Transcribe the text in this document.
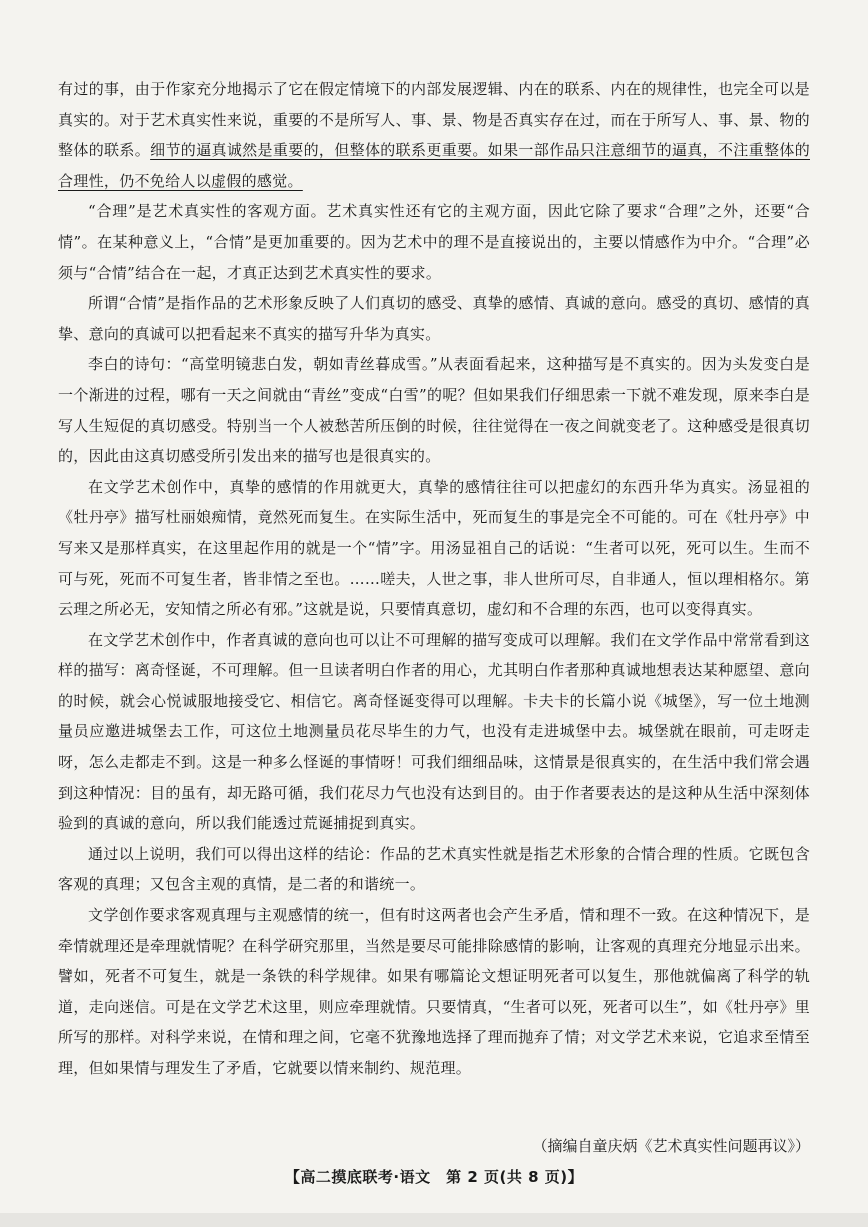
有过的事，由于作家充分地揭示了它在假定情境下的内部发展逻辑、内在的联系、内在的规律性，也完全可以是真实的。对于艺术真实性来说，重要的不是所写人、事、景、物是否真实存在过，而在于所写人、事、景、物的整体的联系。细节的逼真诚然是重要的，但整体的联系更重要。如果一部作品只注意细节的逼真，不注重整体的合理性，仍不免给人以虚假的感觉。

“合理”是艺术真实性的客观方面。艺术真实性还有它的主观方面，因此它除了要求“合理”之外，还要“合情”。在某种意义上，“合情”是更加重要的。因为艺术中的理不是直接说出的，主要以情感作为中介。“合理”必须与“合情”结合在一起，才真正达到艺术真实性的要求。

所谓“合情”是指作品的艺术形象反映了人们真切的感受、真挚的感情、真诚的意向。感受的真切、感情的真挚、意向的真诚可以把看起来不真实的描写升华为真实。

李白的诗句：“高堂明镜悲白发，朝如青丝暮成雪。”从表面看起来，这种描写是不真实的。因为头发变白是一个渐进的过程，哪有一天之间就由“青丝”变成“白雪”的呢？但如果我们仔细思索一下就不难发现，原来李白是写人生短促的真切感受。特别当一个人被愁苦所压倒的时候，往往觉得在一夜之间就变老了。这种感受是很真切的，因此由这真切感受所引发出来的描写也是很真实的。

在文学艺术创作中，真挚的感情的作用就更大，真挚的感情往往可以把虚幻的东西升华为真实。汤显祖的《牡丹亭》描写杜丽娘痴情，竟然死而复生。在实际生活中，死而复生的事是完全不可能的。可在《牡丹亭》中写来又是那样真实，在这里起作用的就是一个“情”字。用汤显祖自己的话说：“生者可以死，死可以生。生而不可与死，死而不可复生者，皆非情之至也。……嗟夫，人世之事，非人世所可尽，自非通人，恒以理相格尔。第云理之所必无，安知情之所必有邪。”这就是说，只要情真意切，虚幻和不合理的东西，也可以变得真实。

在文学艺术创作中，作者真诚的意向也可以让不可理解的描写变成可以理解。我们在文学作品中常常看到这样的描写：离奇怪诞，不可理解。但一旦读者明白作者的用心，尤其明白作者那种真诚地想表达某种愿望、意向的时候，就会心悦诚服地接受它、相信它。离奇怪诞变得可以理解。卡夫卡的长篇小说《城堡》，写一位土地测量员应邀进城堡去工作，可这位土地测量员花尽毕生的力气，也没有走进城堡中去。城堡就在眼前，可走呀走呀，怎么走都走不到。这是一种多么怪诞的事情呀！可我们细细品味，这情景是很真实的，在生活中我们常会遇到这种情况：目的虽有，却无路可循，我们花尽力气也没有达到目的。由于作者要表达的是这种从生活中深刻体验到的真诚的意向，所以我们能透过荒诞捕捉到真实。

通过以上说明，我们可以得出这样的结论：作品的艺术真实性就是指艺术形象的合情合理的性质。它既包含客观的真理；又包含主观的真情，是二者的和谐统一。

文学创作要求客观真理与主观感情的统一，但有时这两者也会产生矛盾，情和理不一致。在这种情况下，是牵情就理还是牵理就情呢？在科学研究那里，当然是要尽可能排除感情的影响，让客观的真理充分地显示出来。譬如，死者不可复生，就是一条铁的科学规律。如果有哪篇论文想证明死者可以复生，那他就偏离了科学的轨道，走向迷信。可是在文学艺术这里，则应牵理就情。只要情真，“生者可以死，死者可以生”，如《牡丹亭》里所写的那样。对科学来说，在情和理之间，它毫不犹豫地选择了理而抛弃了情；对文学艺术来说，它追求至情至理，但如果情与理发生了矛盾，它就要以情来制约、规范理。

（摘编自童庆炳《艺术真实性问题再议》）

【高二摸底联考·语文　第 2 页(共 8 页)】
